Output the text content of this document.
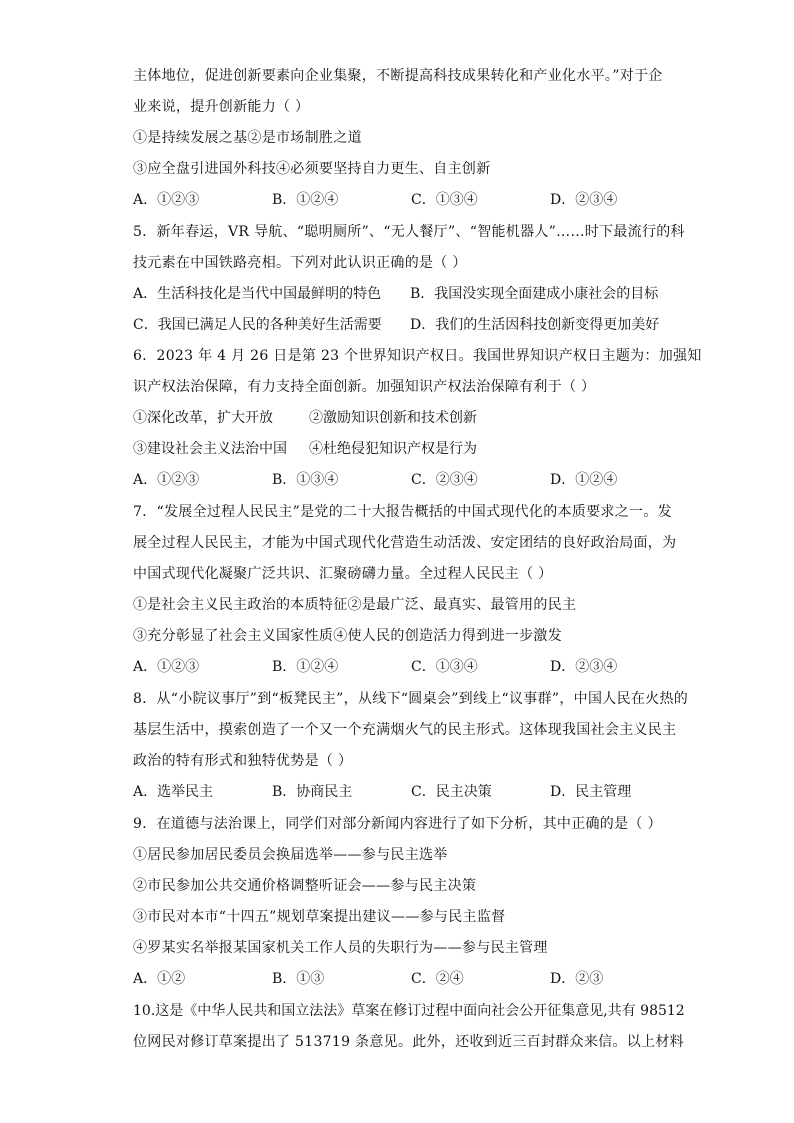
主体地位，促进创新要素向企业集聚，不断提高科技成果转化和产业化水平。”对于企
业来说，提升创新能力（ ）
①是持续发展之基②是市场制胜之道
③应全盘引进国外科技④必须要坚持自力更生、自主创新
A．①②③	B．①②④	C．①③④	D．②③④
5．新年春运，VR 导航、“聪明厕所”、“无人餐厅”、“智能机器人”……时下最流行的科
技元素在中国铁路亮相。下列对此认识正确的是（ ）
A．生活科技化是当代中国最鲜明的特色 B．我国没实现全面建成小康社会的目标
C．我国已满足人民的各种美好生活需要 D．我们的生活因科技创新变得更加美好
6．2023 年 4 月 26 日是第 23 个世界知识产权日。我国世界知识产权日主题为：加强知
识产权法治保障，有力支持全面创新。加强知识产权法治保障有利于（ ）
①深化改革，扩大开放	②激励知识创新和技术创新
③建设社会主义法治中国 ④杜绝侵犯知识产权是行为
A．①②③	B．①③④	C．②③④	D．①②④
7．“发展全过程人民民主”是党的二十大报告概括的中国式现代化的本质要求之一。发
展全过程人民民主，才能为中国式现代化营造生动活泼、安定团结的良好政治局面，为
中国式现代化凝聚广泛共识、汇聚磅礴力量。全过程人民民主（ ）
①是社会主义民主政治的本质特征②是最广泛、最真实、最管用的民主
③充分彰显了社会主义国家性质④使人民的创造活力得到进一步激发
A．①②③	B．①②④	C．①③④	D．②③④
8．从“小院议事厅”到“板凳民主”，从线下“圆桌会”到线上“议事群”，中国人民在火热的
基层生活中，摸索创造了一个又一个充满烟火气的民主形式。这体现我国社会主义民主
政治的特有形式和独特优势是（ ）
A．选举民主	B．协商民主	C．民主决策	D．民主管理
9．在道德与法治课上，同学们对部分新闻内容进行了如下分析，其中正确的是（ ）
①居民参加居民委员会换届选举——参与民主选举
②市民参加公共交通价格调整听证会——参与民主决策
③市民对本市“十四五”规划草案提出建议——参与民主监督
④罗某实名举报某国家机关工作人员的失职行为——参与民主管理
A．①②	B．①③	C．②④	D．②③
10.这是《中华人民共和国立法法》草案在修订过程中面向社会公开征集意见,共有 98512
位网民对修订草案提出了 513719 条意见。此外，还收到近三百封群众来信。以上材料
